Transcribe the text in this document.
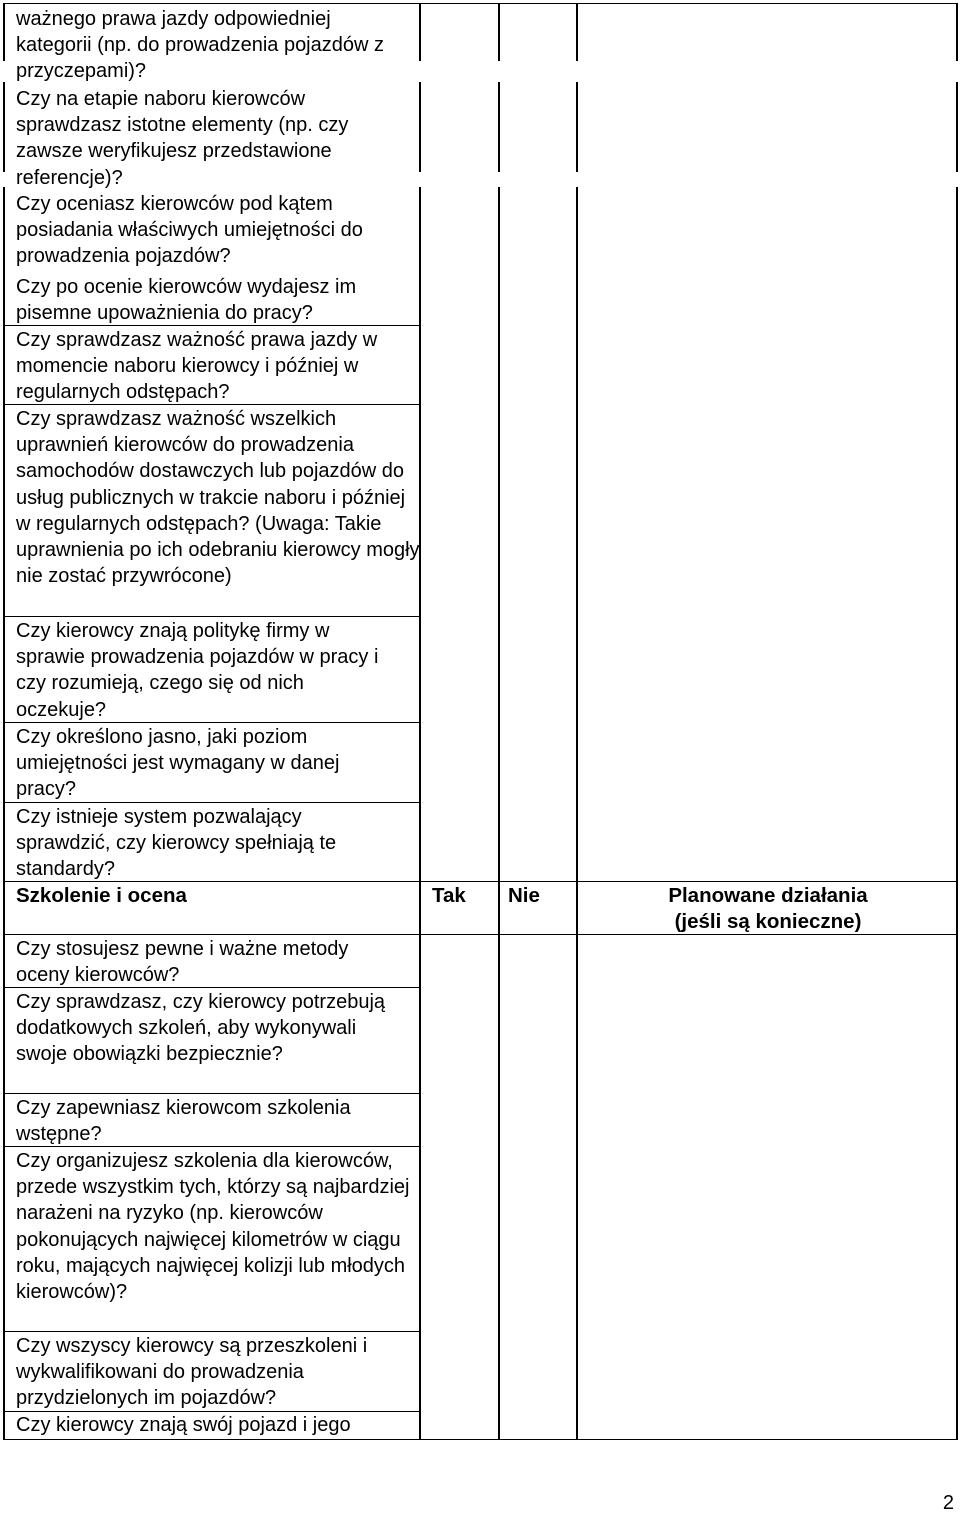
ważnego prawa jazdy odpowiedniej kategorii (np. do prowadzenia pojazdów z przyczepami)?
Czy na etapie naboru kierowców sprawdzasz istotne elementy (np. czy zawsze weryfikujesz przedstawione referencje)?
Czy oceniasz kierowców pod kątem posiadania właściwych umiejętności do prowadzenia pojazdów?
Czy po ocenie kierowców wydajesz im pisemne upoważnienia do pracy?
Czy sprawdzasz ważność prawa jazdy w momencie naboru kierowcy i później w regularnych odstępach?
Czy sprawdzasz ważność wszelkich uprawnień kierowców do prowadzenia samochodów dostawczych lub pojazdów do usług publicznych w trakcie naboru i później w regularnych odstępach? (Uwaga: Takie uprawnienia po ich odebraniu kierowcy mogły nie zostać przywrócone)
Czy kierowcy znają politykę firmy w sprawie prowadzenia pojazdów w pracy i czy rozumieją, czego się od nich oczekuje?
Czy określono jasno, jaki poziom umiejętności jest wymagany w danej pracy?
Czy istnieje system pozwalający sprawdzić, czy kierowcy spełniają te standardy?
Szkolenie i ocena	Tak Nie	Planowane działania
(jeśli są konieczne)
Czy stosujesz pewne i ważne metody oceny kierowców?
Czy sprawdzasz, czy kierowcy potrzebują dodatkowych szkoleń, aby wykonywali swoje obowiązki bezpiecznie?
Czy zapewniasz kierowcom szkolenia wstępne?
Czy organizujesz szkolenia dla kierowców, przede wszystkim tych, którzy są najbardziej narażeni na ryzyko (np. kierowców pokonujących najwięcej kilometrów w ciągu roku, mających najwięcej kolizji lub młodych kierowców)?
Czy wszyscy kierowcy są przeszkoleni i wykwalifikowani do prowadzenia przydzielonych im pojazdów?
Czy kierowcy znają swój pojazd i jego
2
